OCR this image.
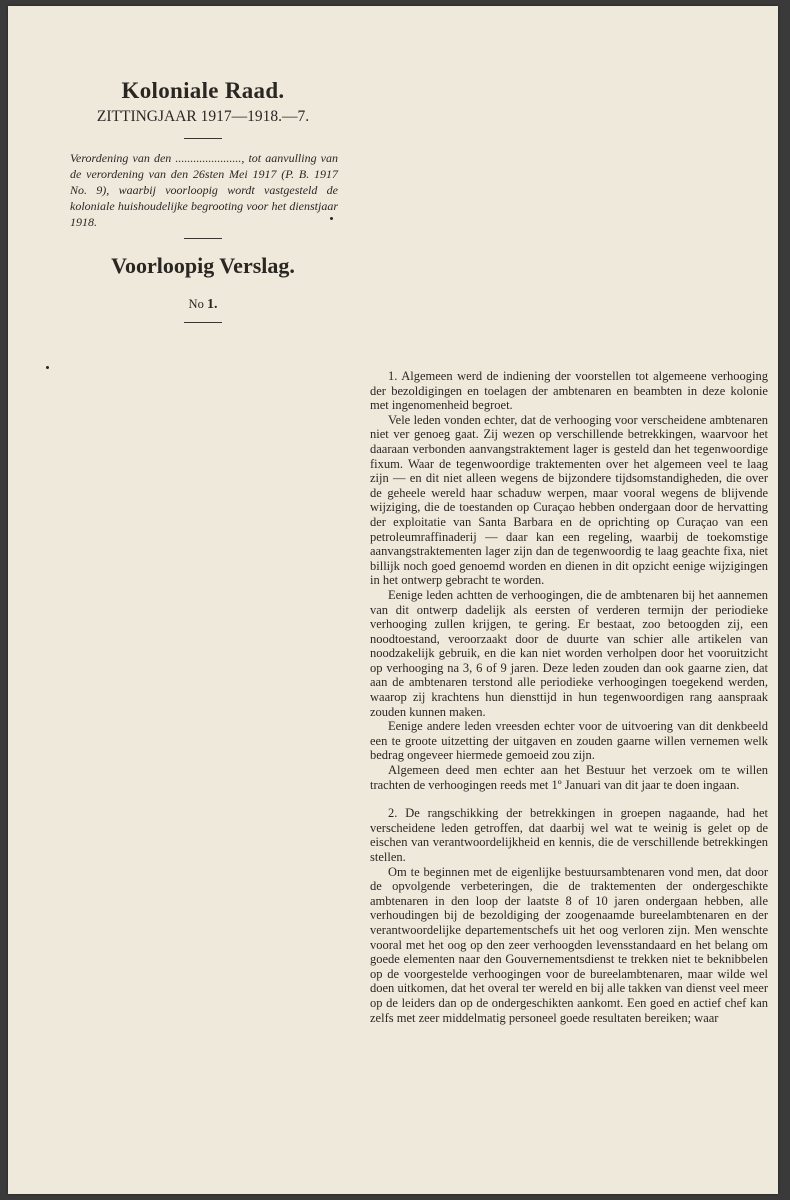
Koloniale Raad.
ZITTINGJAAR 1917—1918.—7.
Verordening van den ......................, tot aanvulling van de verordening van den 26sten Mei 1917 (P. B. 1917 No. 9), waarbij voorloopig wordt vastgesteld de koloniale huishoudelijke begrooting voor het dienstjaar 1918.
Voorloopig Verslag.
No 1.

1. Algemeen werd de indiening der voorstellen tot algemeene verhooging der bezoldigingen en toelagen der ambtenaren en beambten in deze kolonie met ingenomenheid begroet.

Vele leden vonden echter, dat de verhooging voor verscheidene ambtenaren niet ver genoeg gaat. Zij wezen op verschillende betrekkingen, waarvoor het daaraan verbonden aanvangstraktement lager is gesteld dan het tegenwoordige fixum. Waar de tegenwoordige traktementen over het algemeen veel te laag zijn — en dit niet alleen wegens de bijzondere tijdsomstandigheden, die over de geheele wereld haar schaduw werpen, maar vooral wegens de blijvende wijziging, die de toestanden op Curaçao hebben ondergaan door de hervatting der exploitatie van Santa Barbara en de oprichting op Curaçao van een petroleumraffinaderij — daar kan een regeling, waarbij de toekomstige aanvangstraktementen lager zijn dan de tegenwoordig te laag geachte fixa, niet billijk noch goed genoemd worden en dienen in dit opzicht eenige wijzigingen in het ontwerp gebracht te worden.

Eenige leden achtten de verhoogingen, die de ambtenaren bij het aannemen van dit ontwerp dadelijk als eersten of verderen termijn der periodieke verhooging zullen krijgen, te gering. Er bestaat, zoo betoogden zij, een noodtoestand, veroorzaakt door de duurte van schier alle artikelen van noodzakelijk gebruik, en die kan niet worden verholpen door het vooruitzicht op verhooging na 3, 6 of 9 jaren. Deze leden zouden dan ook gaarne zien, dat aan de ambtenaren terstond alle periodieke verhoogingen toegekend werden, waarop zij krachtens hun diensttijd in hun tegenwoordigen rang aanspraak zouden kunnen maken.

Eenige andere leden vreesden echter voor de uitvoering van dit denkbeeld een te groote uitzetting der uitgaven en zouden gaarne willen vernemen welk bedrag ongeveer hiermede gemoeid zou zijn.

Algemeen deed men echter aan het Bestuur het verzoek om te willen trachten de verhoogingen reeds met 1º Januari van dit jaar te doen ingaan.

2. De rangschikking der betrekkingen in groepen nagaande, had het verscheidene leden getroffen, dat daarbij wel wat te weinig is gelet op de eischen van verantwoordelijkheid en kennis, die de verschillende betrekkingen stellen.

Om te beginnen met de eigenlijke bestuursambtenaren vond men, dat door de opvolgende verbeteringen, die de traktementen der ondergeschikte ambtenaren in den loop der laatste 8 of 10 jaren ondergaan hebben, alle verhoudingen bij de bezoldiging der zoogenaamde bureelambtenaren en der verantwoordelijke departementschefs uit het oog verloren zijn. Men wenschte vooral met het oog op den zeer verhoogden levensstandaard en het belang om goede elementen naar den Gouvernementsdienst te trekken niet te beknibbelen op de voorgestelde verhoogingen voor de bureelambtenaren, maar wilde wel doen uitkomen, dat het overal ter wereld en bij alle takken van dienst veel meer op de leiders dan op de ondergeschikten aankomt. Een goed en actief chef kan zelfs met zeer middelmatig personeel goede resultaten bereiken; waar
